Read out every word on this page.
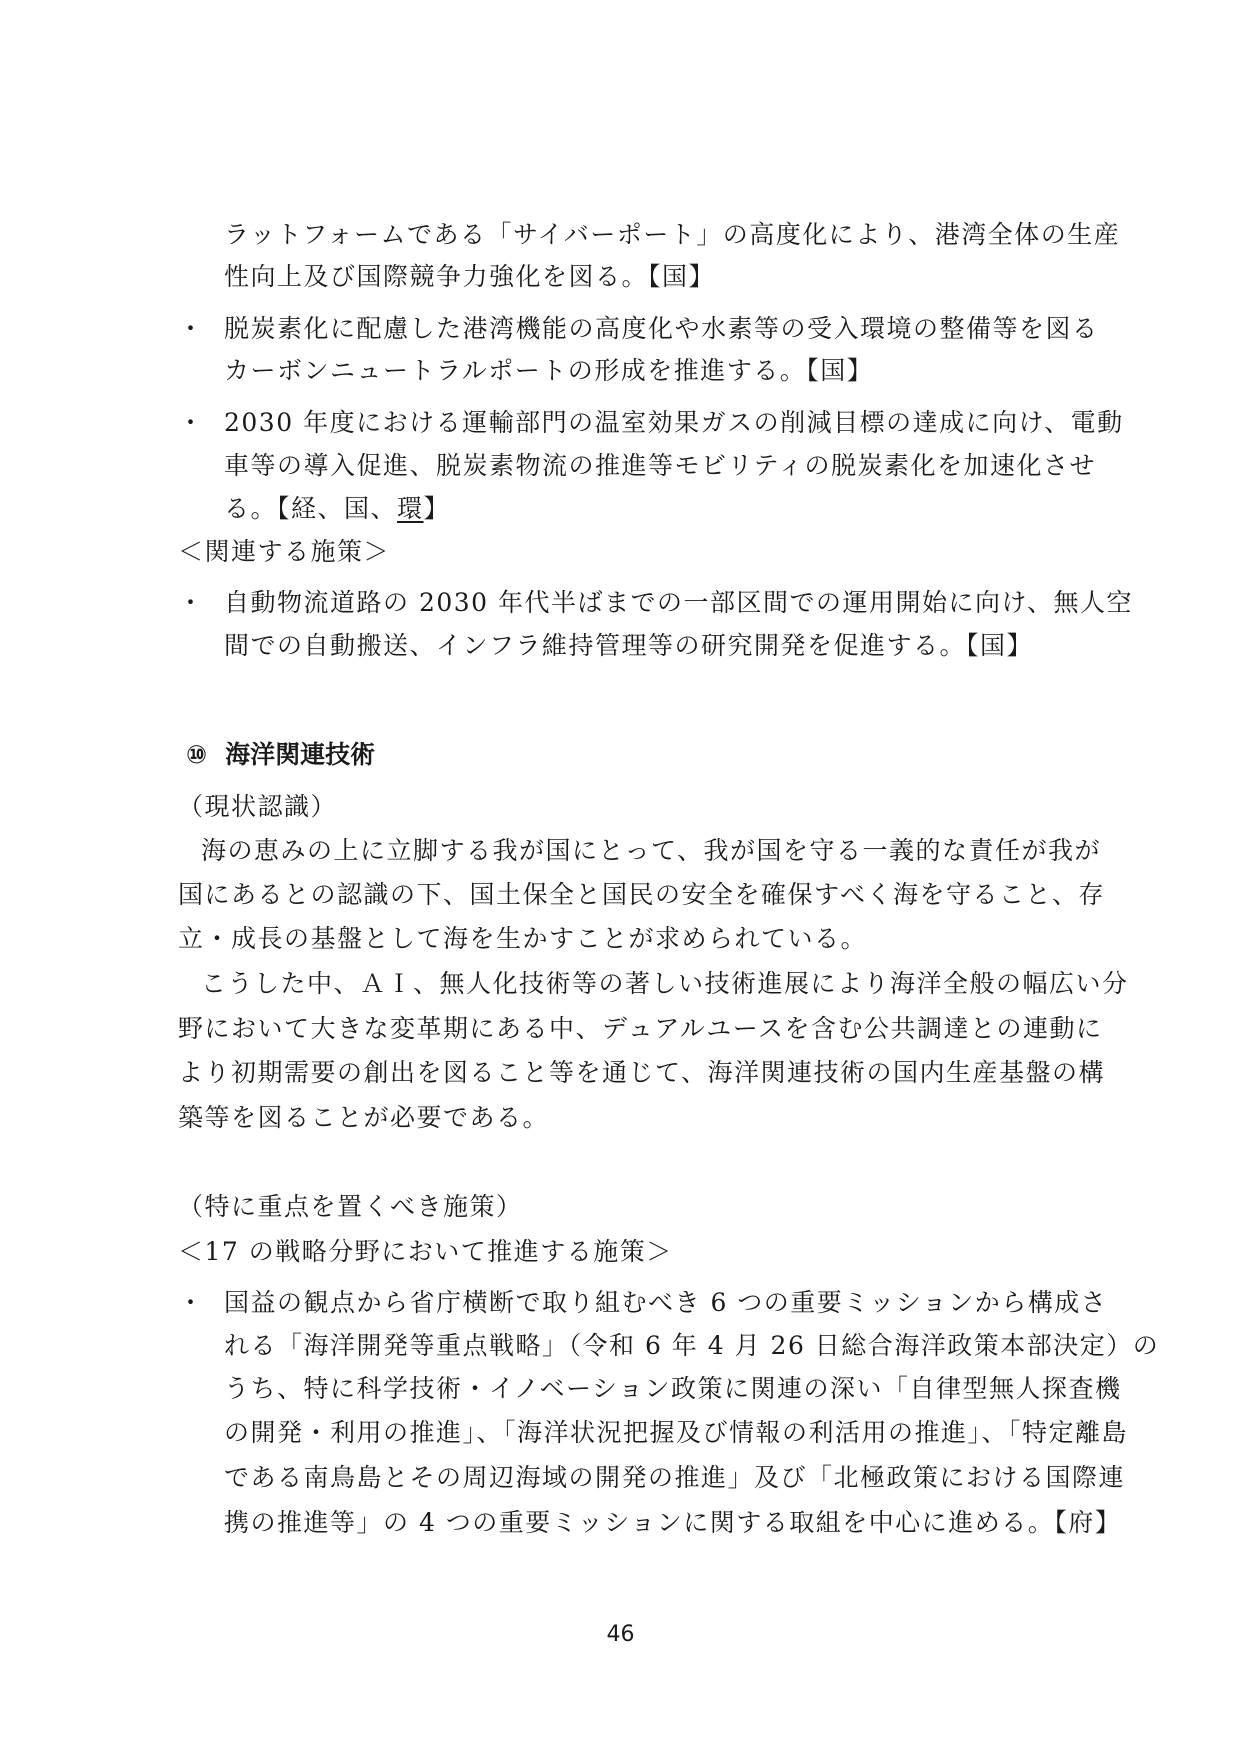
ラットフォームである「サイバーポート」の高度化により、港湾全体の生産
性向上及び国際競争力強化を図る。【国】
・ 脱炭素化に配慮した港湾機能の高度化や水素等の受入環境の整備等を図る
カーボンニュートラルポートの形成を推進する。【国】
・ 2030 年度における運輸部門の温室効果ガスの削減目標の達成に向け、電動
車等の導入促進、脱炭素物流の推進等モビリティの脱炭素化を加速化させ
る。【経、国、環】
＜関連する施策＞
・ 自動物流道路の 2030 年代半ばまでの一部区間での運用開始に向け、無人空
間での自動搬送、インフラ維持管理等の研究開発を促進する。【国】
⑩ 海洋関連技術
（現状認識）
海の恵みの上に立脚する我が国にとって、我が国を守る一義的な責任が我が
国にあるとの認識の下、国土保全と国民の安全を確保すべく海を守ること、存
立・成長の基盤として海を生かすことが求められている。
こうした中、ＡＩ、無人化技術等の著しい技術進展により海洋全般の幅広い分
野において大きな変革期にある中、デュアルユースを含む公共調達との連動に
より初期需要の創出を図ること等を通じて、海洋関連技術の国内生産基盤の構
築等を図ることが必要である。
（特に重点を置くべき施策）
＜17 の戦略分野において推進する施策＞
・ 国益の観点から省庁横断で取り組むべき 6 つの重要ミッションから構成さ
れる「海洋開発等重点戦略」（令和 6 年 4 月 26 日総合海洋政策本部決定）の
うち、特に科学技術・イノベーション政策に関連の深い「自律型無人探査機
の開発・利用の推進」、「海洋状況把握及び情報の利活用の推進」、「特定離島
である南鳥島とその周辺海域の開発の推進」及び「北極政策における国際連
携の推進等」の 4 つの重要ミッションに関する取組を中心に進める。【府】
46
